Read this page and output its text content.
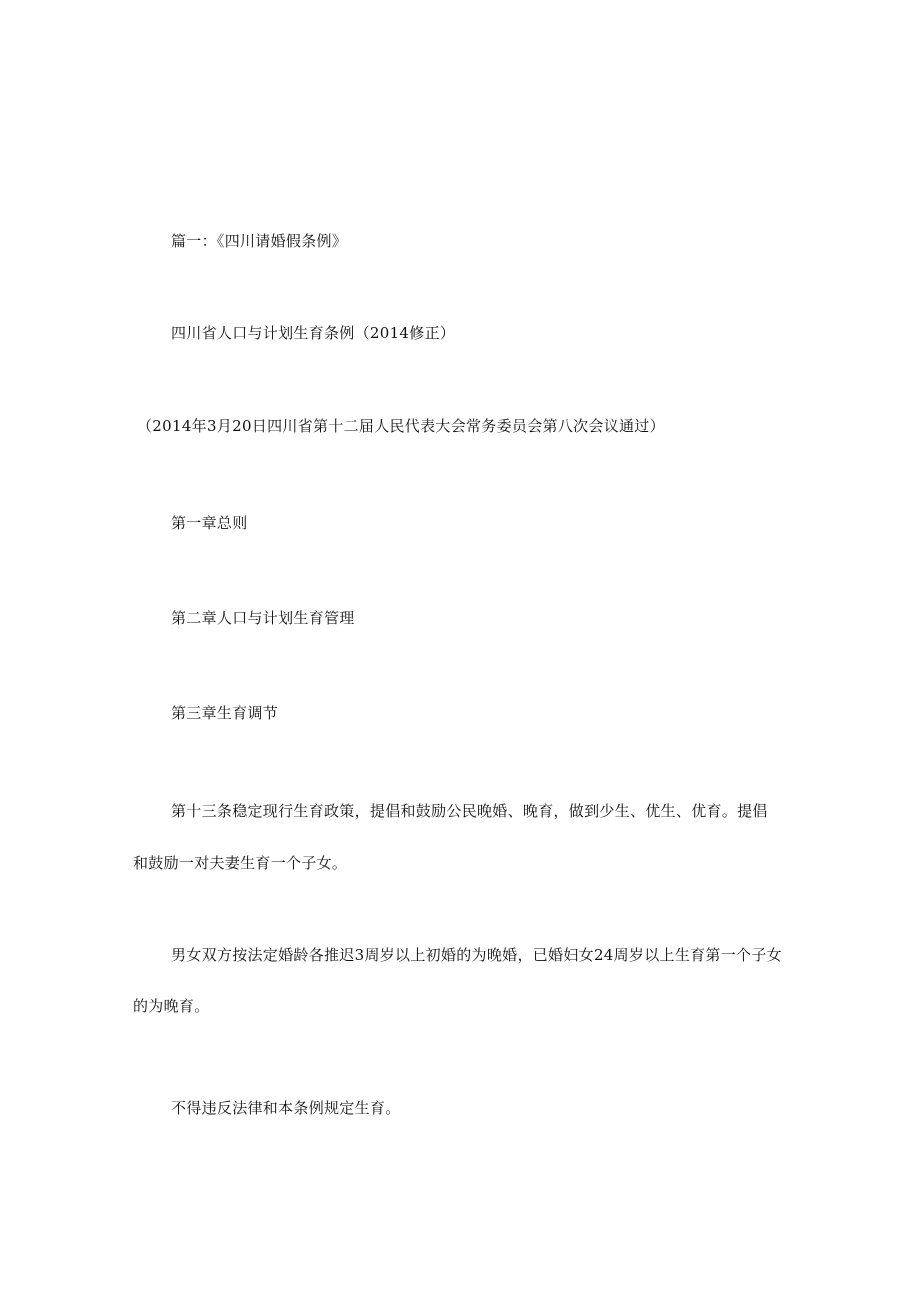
篇一：《四川请婚假条例》
四川省人口与计划生育条例（2014修正）
（2014年3月20日四川省第十二届人民代表大会常务委员会第八次会议通过）
第一章总则
第二章人口与计划生育管理
第三章生育调节
第十三条稳定现行生育政策，提倡和鼓励公民晚婚、晚育，做到少生、优生、优育。提倡
和鼓励一对夫妻生育一个子女。
男女双方按法定婚龄各推迟3周岁以上初婚的为晚婚，已婚妇女24周岁以上生育第一个子女
的为晚育。
不得违反法律和本条例规定生育。
